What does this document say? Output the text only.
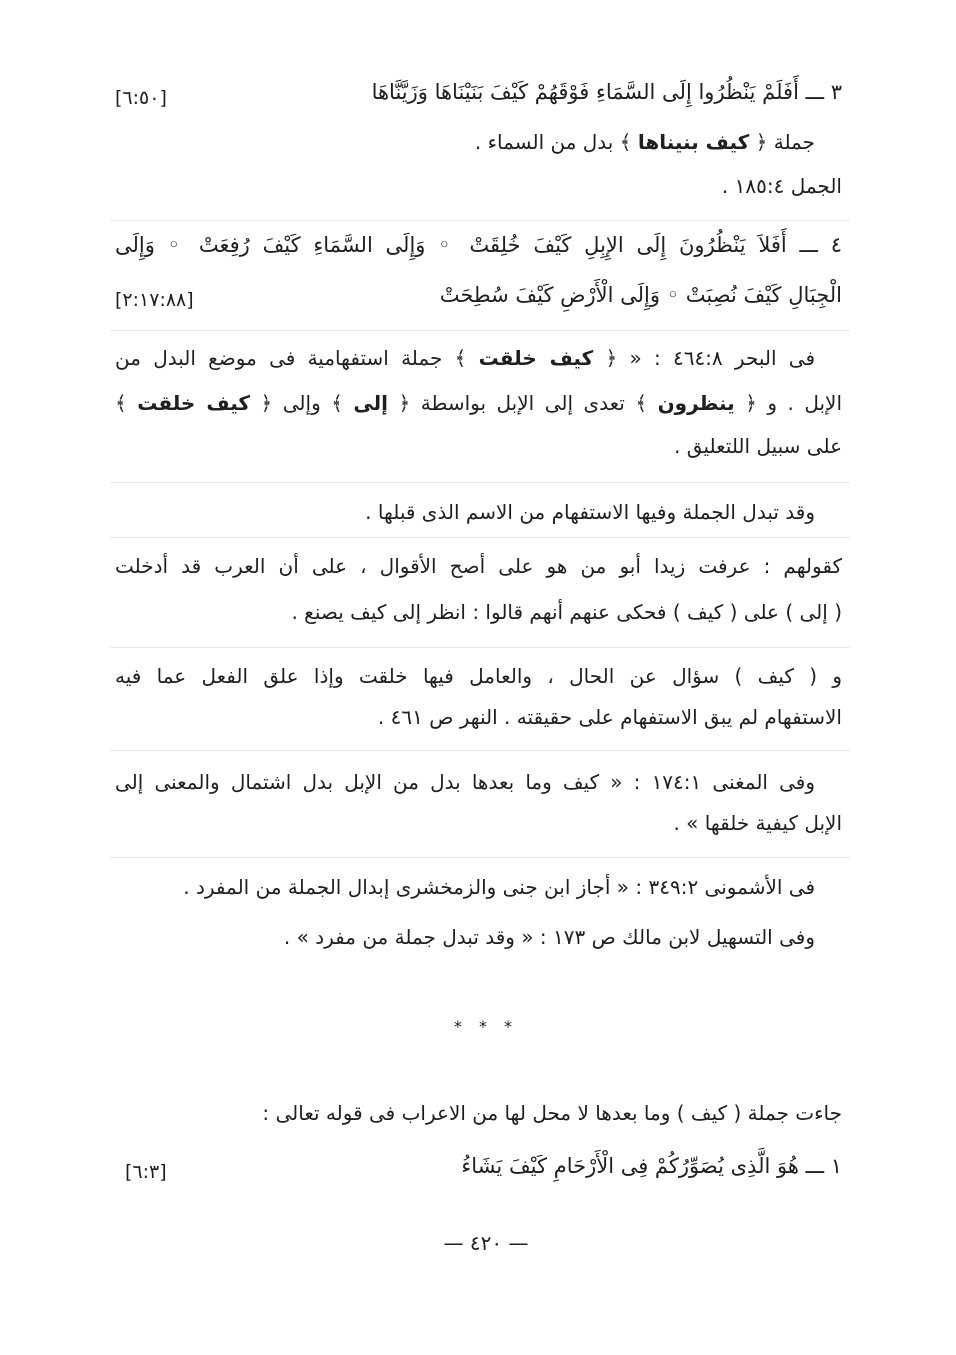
٣ ـــ أَفَلَمْ يَنْظُرُوا إِلَى السَّمَاءِ فَوْقَهُمْ كَيْفَ بَنَيْنَاهَا وَزَيَّنَّاهَا
[٦:٥٠]
جملة ﴿ كيف بنيناها ﴾ بدل من السماء .
الجمل ١٨٥:٤ .
٤ ـــ أَفَلاَ يَنْظُرُونَ إِلَى الإِبِلِ كَيْفَ خُلِقَتْ ◦ وَإِلَى السَّمَاءِ كَيْفَ رُفِعَتْ ◦ وَإِلَى
الْجِبَالِ كَيْفَ نُصِبَتْ ◦ وَإِلَى الْأَرْضِ كَيْفَ سُطِحَتْ
[٢:١٧:٨٨]
فى البحر ٤٦٤:٨ : « ﴿ كيف خلقت ﴾ جملة استفهامية فى موضع البدل من
الإبل . و ﴿ ينظرون ﴾ تعدى إلى الإبل بواسطة ﴿ إلى ﴾ وإلى ﴿ كيف خلقت ﴾
على سبيل اللتعليق .
وقد تبدل الجملة وفيها الاستفهام من الاسم الذى قبلها .
كقولهم : عرفت زيدا أبو من هو على أصح الأقوال ، على أن العرب قد أدخلت
( إلى ) على ( كيف ) فحكى عنهم أنهم قالوا : انظر إلى كيف يصنع .
و ( كيف ) سؤال عن الحال ، والعامل فيها خلقت وإذا علق الفعل عما فيه
الاستفهام لم يبق الاستفهام على حقيقته . النهر ص ٤٦١ .
وفى المغنى ١٧٤:١ : « كيف وما بعدها بدل من الإبل بدل اشتمال والمعنى إلى
الإبل كيفية خلقها » .
فى الأشمونى ٣٤٩:٢ : « أجاز ابن جنى والزمخشرى إبدال الجملة من المفرد .
وفى التسهيل لابن مالك ص ١٧٣ : « وقد تبدل جملة من مفرد » .
* * *
جاءت جملة ( كيف ) وما بعدها لا محل لها من الاعراب فى قوله تعالى :
١ ـــ هُوَ الَّذِى يُصَوِّرُكُمْ فِى الْأَرْحَامِ كَيْفَ يَشَاءُ
[٦:٣]
— ٤٢٠ —
